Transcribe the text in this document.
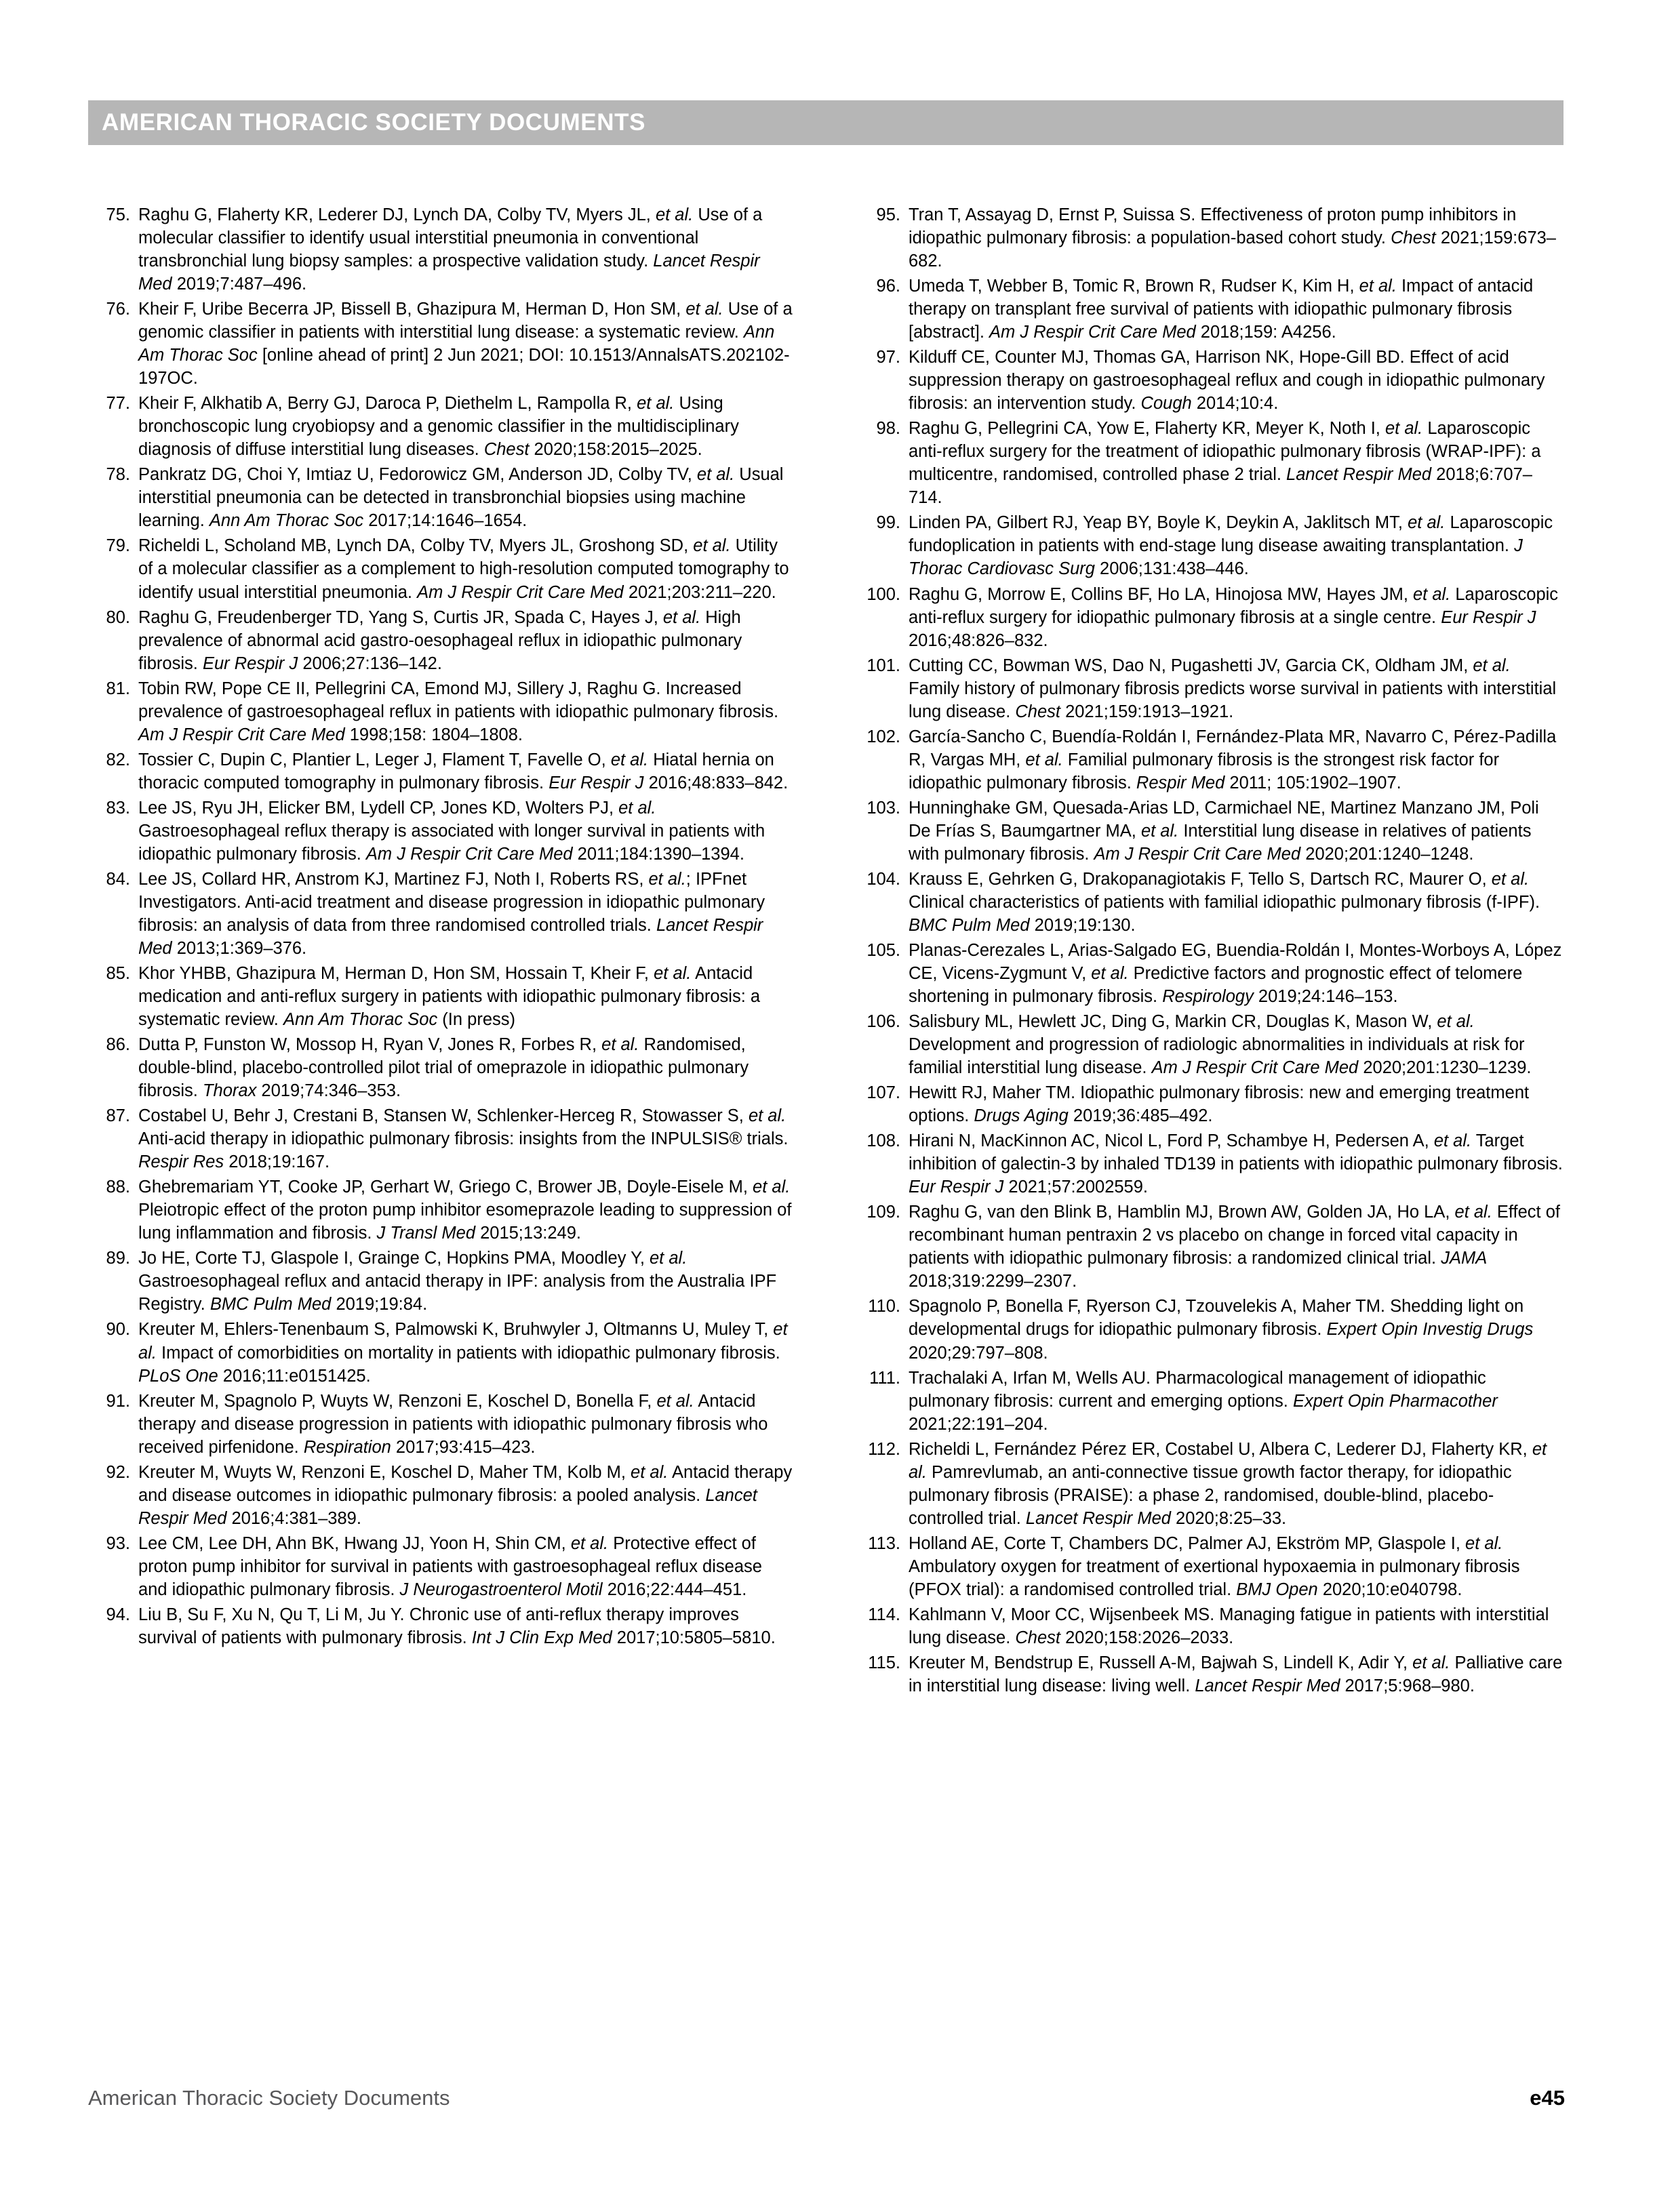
AMERICAN THORACIC SOCIETY DOCUMENTS
75. Raghu G, Flaherty KR, Lederer DJ, Lynch DA, Colby TV, Myers JL, et al. Use of a molecular classifier to identify usual interstitial pneumonia in conventional transbronchial lung biopsy samples: a prospective validation study. Lancet Respir Med 2019;7:487–496.
76. Kheir F, Uribe Becerra JP, Bissell B, Ghazipura M, Herman D, Hon SM, et al. Use of a genomic classifier in patients with interstitial lung disease: a systematic review. Ann Am Thorac Soc [online ahead of print] 2 Jun 2021; DOI: 10.1513/AnnalsATS.202102-197OC.
77. Kheir F, Alkhatib A, Berry GJ, Daroca P, Diethelm L, Rampolla R, et al. Using bronchoscopic lung cryobiopsy and a genomic classifier in the multidisciplinary diagnosis of diffuse interstitial lung diseases. Chest 2020;158:2015–2025.
78. Pankratz DG, Choi Y, Imtiaz U, Fedorowicz GM, Anderson JD, Colby TV, et al. Usual interstitial pneumonia can be detected in transbronchial biopsies using machine learning. Ann Am Thorac Soc 2017;14:1646–1654.
79. Richeldi L, Scholand MB, Lynch DA, Colby TV, Myers JL, Groshong SD, et al. Utility of a molecular classifier as a complement to high-resolution computed tomography to identify usual interstitial pneumonia. Am J Respir Crit Care Med 2021;203:211–220.
80. Raghu G, Freudenberger TD, Yang S, Curtis JR, Spada C, Hayes J, et al. High prevalence of abnormal acid gastro-oesophageal reflux in idiopathic pulmonary fibrosis. Eur Respir J 2006;27:136–142.
81. Tobin RW, Pope CE II, Pellegrini CA, Emond MJ, Sillery J, Raghu G. Increased prevalence of gastroesophageal reflux in patients with idiopathic pulmonary fibrosis. Am J Respir Crit Care Med 1998;158: 1804–1808.
82. Tossier C, Dupin C, Plantier L, Leger J, Flament T, Favelle O, et al. Hiatal hernia on thoracic computed tomography in pulmonary fibrosis. Eur Respir J 2016;48:833–842.
83. Lee JS, Ryu JH, Elicker BM, Lydell CP, Jones KD, Wolters PJ, et al. Gastroesophageal reflux therapy is associated with longer survival in patients with idiopathic pulmonary fibrosis. Am J Respir Crit Care Med 2011;184:1390–1394.
84. Lee JS, Collard HR, Anstrom KJ, Martinez FJ, Noth I, Roberts RS, et al.; IPFnet Investigators. Anti-acid treatment and disease progression in idiopathic pulmonary fibrosis: an analysis of data from three randomised controlled trials. Lancet Respir Med 2013;1:369–376.
85. Khor YHBB, Ghazipura M, Herman D, Hon SM, Hossain T, Kheir F, et al. Antacid medication and anti-reflux surgery in patients with idiopathic pulmonary fibrosis: a systematic review. Ann Am Thorac Soc (In press)
86. Dutta P, Funston W, Mossop H, Ryan V, Jones R, Forbes R, et al. Randomised, double-blind, placebo-controlled pilot trial of omeprazole in idiopathic pulmonary fibrosis. Thorax 2019;74:346–353.
87. Costabel U, Behr J, Crestani B, Stansen W, Schlenker-Herceg R, Stowasser S, et al. Anti-acid therapy in idiopathic pulmonary fibrosis: insights from the INPULSIS® trials. Respir Res 2018;19:167.
88. Ghebremariam YT, Cooke JP, Gerhart W, Griego C, Brower JB, Doyle-Eisele M, et al. Pleiotropic effect of the proton pump inhibitor esomeprazole leading to suppression of lung inflammation and fibrosis. J Transl Med 2015;13:249.
89. Jo HE, Corte TJ, Glaspole I, Grainge C, Hopkins PMA, Moodley Y, et al. Gastroesophageal reflux and antacid therapy in IPF: analysis from the Australia IPF Registry. BMC Pulm Med 2019;19:84.
90. Kreuter M, Ehlers-Tenenbaum S, Palmowski K, Bruhwyler J, Oltmanns U, Muley T, et al. Impact of comorbidities on mortality in patients with idiopathic pulmonary fibrosis. PLoS One 2016;11:e0151425.
91. Kreuter M, Spagnolo P, Wuyts W, Renzoni E, Koschel D, Bonella F, et al. Antacid therapy and disease progression in patients with idiopathic pulmonary fibrosis who received pirfenidone. Respiration 2017;93:415–423.
92. Kreuter M, Wuyts W, Renzoni E, Koschel D, Maher TM, Kolb M, et al. Antacid therapy and disease outcomes in idiopathic pulmonary fibrosis: a pooled analysis. Lancet Respir Med 2016;4:381–389.
93. Lee CM, Lee DH, Ahn BK, Hwang JJ, Yoon H, Shin CM, et al. Protective effect of proton pump inhibitor for survival in patients with gastroesophageal reflux disease and idiopathic pulmonary fibrosis. J Neurogastroenterol Motil 2016;22:444–451.
94. Liu B, Su F, Xu N, Qu T, Li M, Ju Y. Chronic use of anti-reflux therapy improves survival of patients with pulmonary fibrosis. Int J Clin Exp Med 2017;10:5805–5810.
95. Tran T, Assayag D, Ernst P, Suissa S. Effectiveness of proton pump inhibitors in idiopathic pulmonary fibrosis: a population-based cohort study. Chest 2021;159:673–682.
96. Umeda T, Webber B, Tomic R, Brown R, Rudser K, Kim H, et al. Impact of antacid therapy on transplant free survival of patients with idiopathic pulmonary fibrosis [abstract]. Am J Respir Crit Care Med 2018;159: A4256.
97. Kilduff CE, Counter MJ, Thomas GA, Harrison NK, Hope-Gill BD. Effect of acid suppression therapy on gastroesophageal reflux and cough in idiopathic pulmonary fibrosis: an intervention study. Cough 2014;10:4.
98. Raghu G, Pellegrini CA, Yow E, Flaherty KR, Meyer K, Noth I, et al. Laparoscopic anti-reflux surgery for the treatment of idiopathic pulmonary fibrosis (WRAP-IPF): a multicentre, randomised, controlled phase 2 trial. Lancet Respir Med 2018;6:707–714.
99. Linden PA, Gilbert RJ, Yeap BY, Boyle K, Deykin A, Jaklitsch MT, et al. Laparoscopic fundoplication in patients with end-stage lung disease awaiting transplantation. J Thorac Cardiovasc Surg 2006;131:438–446.
100. Raghu G, Morrow E, Collins BF, Ho LA, Hinojosa MW, Hayes JM, et al. Laparoscopic anti-reflux surgery for idiopathic pulmonary fibrosis at a single centre. Eur Respir J 2016;48:826–832.
101. Cutting CC, Bowman WS, Dao N, Pugashetti JV, Garcia CK, Oldham JM, et al. Family history of pulmonary fibrosis predicts worse survival in patients with interstitial lung disease. Chest 2021;159:1913–1921.
102. García-Sancho C, Buendía-Roldán I, Fernández-Plata MR, Navarro C, Pérez-Padilla R, Vargas MH, et al. Familial pulmonary fibrosis is the strongest risk factor for idiopathic pulmonary fibrosis. Respir Med 2011; 105:1902–1907.
103. Hunninghake GM, Quesada-Arias LD, Carmichael NE, Martinez Manzano JM, Poli De Frías S, Baumgartner MA, et al. Interstitial lung disease in relatives of patients with pulmonary fibrosis. Am J Respir Crit Care Med 2020;201:1240–1248.
104. Krauss E, Gehrken G, Drakopanagiotakis F, Tello S, Dartsch RC, Maurer O, et al. Clinical characteristics of patients with familial idiopathic pulmonary fibrosis (f-IPF). BMC Pulm Med 2019;19:130.
105. Planas-Cerezales L, Arias-Salgado EG, Buendia-Roldán I, Montes-Worboys A, López CE, Vicens-Zygmunt V, et al. Predictive factors and prognostic effect of telomere shortening in pulmonary fibrosis. Respirology 2019;24:146–153.
106. Salisbury ML, Hewlett JC, Ding G, Markin CR, Douglas K, Mason W, et al. Development and progression of radiologic abnormalities in individuals at risk for familial interstitial lung disease. Am J Respir Crit Care Med 2020;201:1230–1239.
107. Hewitt RJ, Maher TM. Idiopathic pulmonary fibrosis: new and emerging treatment options. Drugs Aging 2019;36:485–492.
108. Hirani N, MacKinnon AC, Nicol L, Ford P, Schambye H, Pedersen A, et al. Target inhibition of galectin-3 by inhaled TD139 in patients with idiopathic pulmonary fibrosis. Eur Respir J 2021;57:2002559.
109. Raghu G, van den Blink B, Hamblin MJ, Brown AW, Golden JA, Ho LA, et al. Effect of recombinant human pentraxin 2 vs placebo on change in forced vital capacity in patients with idiopathic pulmonary fibrosis: a randomized clinical trial. JAMA 2018;319:2299–2307.
110. Spagnolo P, Bonella F, Ryerson CJ, Tzouvelekis A, Maher TM. Shedding light on developmental drugs for idiopathic pulmonary fibrosis. Expert Opin Investig Drugs 2020;29:797–808.
111. Trachalaki A, Irfan M, Wells AU. Pharmacological management of idiopathic pulmonary fibrosis: current and emerging options. Expert Opin Pharmacother 2021;22:191–204.
112. Richeldi L, Fernández Pérez ER, Costabel U, Albera C, Lederer DJ, Flaherty KR, et al. Pamrevlumab, an anti-connective tissue growth factor therapy, for idiopathic pulmonary fibrosis (PRAISE): a phase 2, randomised, double-blind, placebo-controlled trial. Lancet Respir Med 2020;8:25–33.
113. Holland AE, Corte T, Chambers DC, Palmer AJ, Ekström MP, Glaspole I, et al. Ambulatory oxygen for treatment of exertional hypoxaemia in pulmonary fibrosis (PFOX trial): a randomised controlled trial. BMJ Open 2020;10:e040798.
114. Kahlmann V, Moor CC, Wijsenbeek MS. Managing fatigue in patients with interstitial lung disease. Chest 2020;158:2026–2033.
115. Kreuter M, Bendstrup E, Russell A-M, Bajwah S, Lindell K, Adir Y, et al. Palliative care in interstitial lung disease: living well. Lancet Respir Med 2017;5:968–980.
American Thoracic Society Documents	e45
